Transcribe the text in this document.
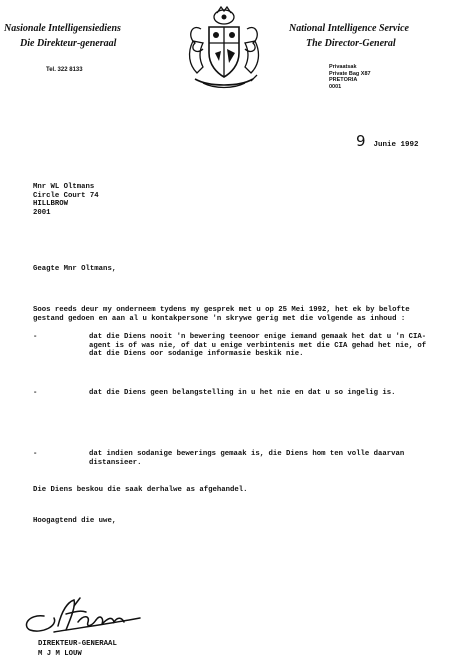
Nasionale Intelligensiediens
Die Direkteur-generaal
Tel. 322 8133
National Intelligence Service
The Director-General
Privaatsak
Private Bag X87
PRETORIA
0001
9 Junie 1992
Mnr WL Oltmans
Circle Court 74
HILLBROW
2001
Geagte Mnr Oltmans,
Soos reeds deur my onderneem tydens my gesprek met u op 25 Mei 1992, het ek by belofte gestand gedoen en aan al u kontakpersone 'n skrywe gerig met die volgende as inhoud :
-	dat die Diens nooit 'n bewering teenoor enige iemand gemaak het dat u 'n CIA-agent is of was nie, of dat u enige verbintenis met die CIA gehad het nie, of dat die Diens oor sodanige informasie beskik nie.
-	dat die Diens geen belangstelling in u het nie en dat u so ingelig is.
-	dat indien sodanige bewerings gemaak is, die Diens hom ten volle daarvan distansieer.
Die Diens beskou die saak derhalwe as afgehandel.
Hoogagtend die uwe,
DIREKTEUR-GENERAAL
M J M LOUW
